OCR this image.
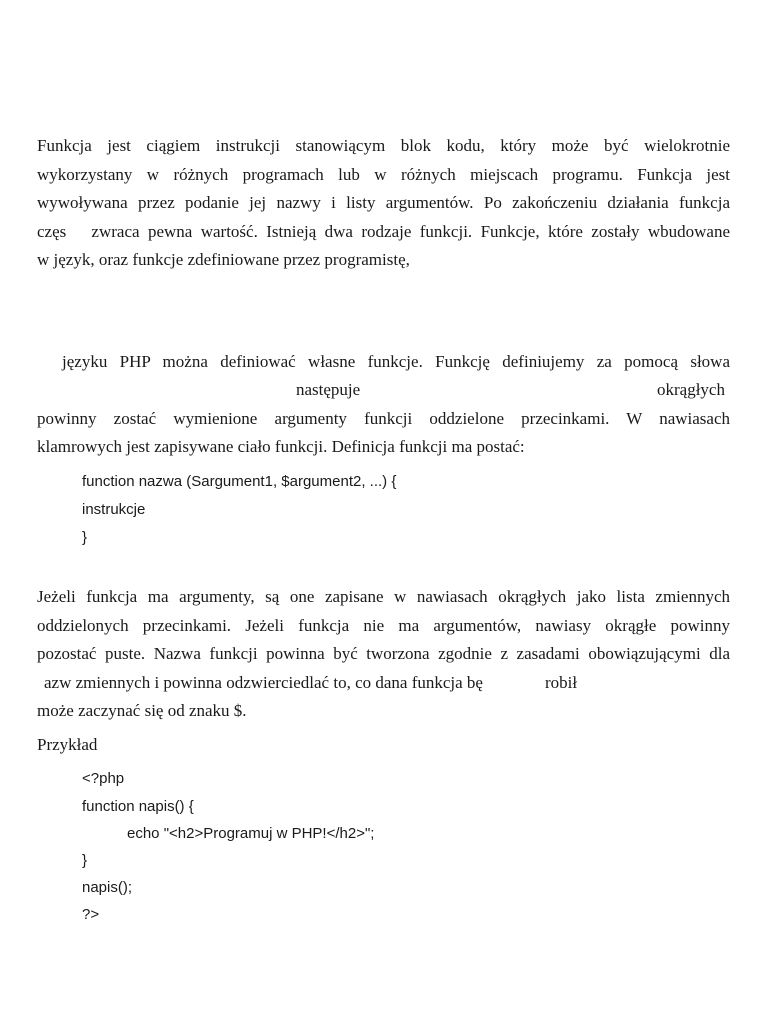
Funkcja jest ciągiem instrukcji stanowiącym blok kodu, który może być wielokrotnie
wykorzystany w różnych programach lub w różnych miejscach programu. Funkcja jest
wywoływana przez podanie jej nazwy i listy argumentów. Po zakończeniu działania funkcja
częs   zwraca pewna wartość. Istnieją dwa rodzaje funkcji. Funkcje, które zostały wbudowane
w język, oraz funkcje zdefiniowane przez programistę,
języku PHP można definiować własne funkcje. Funkcję definiujemy za pomocą słowa
następuje	okrągłych
powinny zostać wymienione argumenty funkcji oddzielone przecinkami. W nawiasach
klamrowych jest zapisywane ciało funkcji. Definicja funkcji ma postać:
function nazwa (Sargument1, $argument2, ...) {
instrukcje
}
Jeżeli funkcja ma argumenty, są one zapisane w nawiasach okrągłych jako lista zmiennych
oddzielonych przecinkami. Jeżeli funkcja nie ma argumentów, nawiasy okrągłe powinny
pozostać puste. Nazwa funkcji powinna być tworzona zgodnie z zasadami obowiązującymi dla
azw zmiennych i powinna odzwierciedlać to, co dana funkcja bę	robił
może zaczynać się od znaku $.
Przykład
<?php
function napis() {
echo "<h2>Programuj w PHP!</h2>";
}
napis();
?>
